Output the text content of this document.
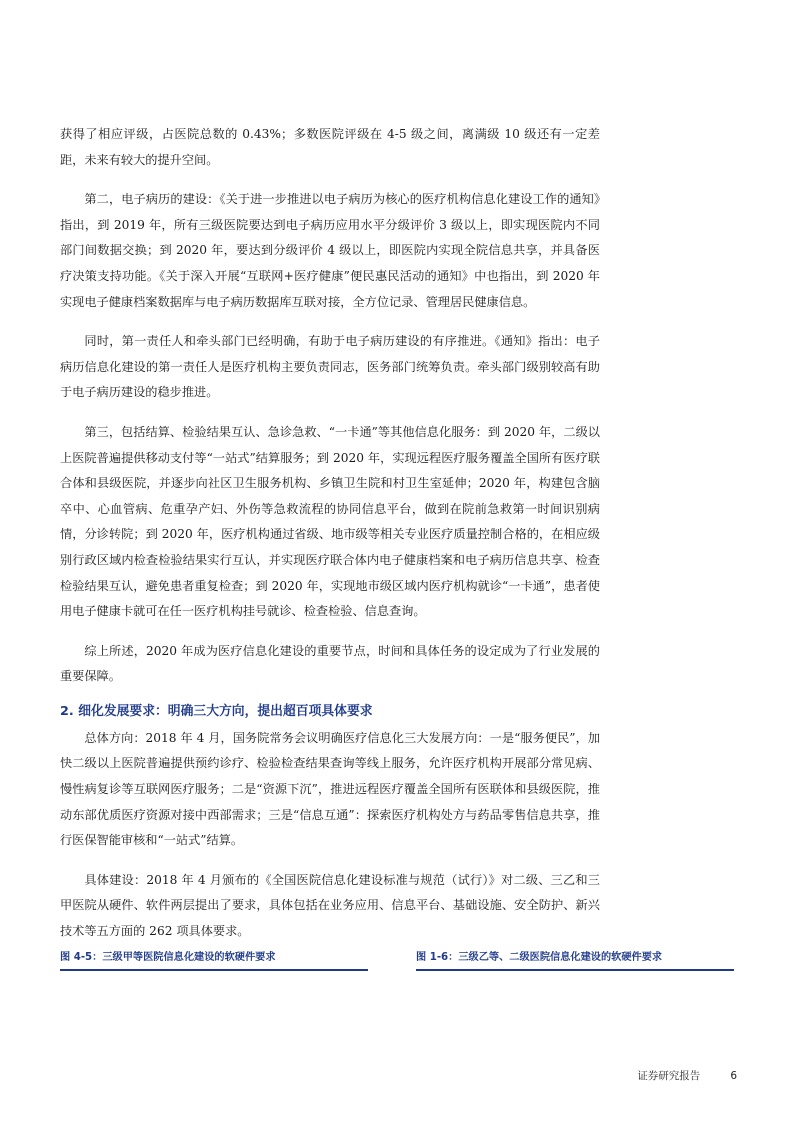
获得了相应评级，占医院总数的 0.43%；多数医院评级在 4-5 级之间，离满级 10 级还有一定差距，未来有较大的提升空间。

第二，电子病历的建设：《关于进一步推进以电子病历为核心的医疗机构信息化建设工作的通知》指出，到 2019 年，所有三级医院要达到电子病历应用水平分级评价 3 级以上，即实现医院内不同部门间数据交换；到 2020 年，要达到分级评价 4 级以上，即医院内实现全院信息共享，并具备医疗决策支持功能。《关于深入开展“互联网+医疗健康”便民惠民活动的通知》中也指出，到 2020 年实现电子健康档案数据库与电子病历数据库互联对接，全方位记录、管理居民健康信息。

同时，第一责任人和牵头部门已经明确，有助于电子病历建设的有序推进。《通知》指出：电子病历信息化建设的第一责任人是医疗机构主要负责同志，医务部门统筹负责。牵头部门级别较高有助于电子病历建设的稳步推进。

第三，包括结算、检验结果互认、急诊急救、“一卡通”等其他信息化服务：到 2020 年，二级以上医院普遍提供移动支付等“一站式”结算服务；到 2020 年，实现远程医疗服务覆盖全国所有医疗联合体和县级医院，并逐步向社区卫生服务机构、乡镇卫生院和村卫生室延伸；2020 年，构建包含脑卒中、心血管病、危重孕产妇、外伤等急救流程的协同信息平台，做到在院前急救第一时间识别病情，分诊转院；到 2020 年，医疗机构通过省级、地市级等相关专业医疗质量控制合格的，在相应级别行政区域内检查检验结果实行互认，并实现医疗联合体内电子健康档案和电子病历信息共享、检查检验结果互认，避免患者重复检查；到 2020 年，实现地市级区域内医疗机构就诊“一卡通”，患者使用电子健康卡就可在任一医疗机构挂号就诊、检查检验、信息查询。

综上所述，2020 年成为医疗信息化建设的重要节点，时间和具体任务的设定成为了行业发展的重要保障。

2. 细化发展要求：明确三大方向，提出超百项具体要求

总体方向：2018 年 4 月，国务院常务会议明确医疗信息化三大发展方向：一是“服务便民”，加快二级以上医院普遍提供预约诊疗、检验检查结果查询等线上服务，允许医疗机构开展部分常见病、慢性病复诊等互联网医疗服务；二是“资源下沉”，推进远程医疗覆盖全国所有医联体和县级医院，推动东部优质医疗资源对接中西部需求；三是“信息互通”：探索医疗机构处方与药品零售信息共享，推行医保智能审核和“一站式”结算。

具体建设：2018 年 4 月颁布的《全国医院信息化建设标准与规范（试行）》对二级、三乙和三甲医院从硬件、软件两层提出了要求，具体包括在业务应用、信息平台、基础设施、安全防护、新兴技术等五方面的 262 项具体要求。

图 4-5：三级甲等医院信息化建设的软硬件要求	图 1-6：三级乙等、二级医院信息化建设的软硬件要求
证券研究报告	6
